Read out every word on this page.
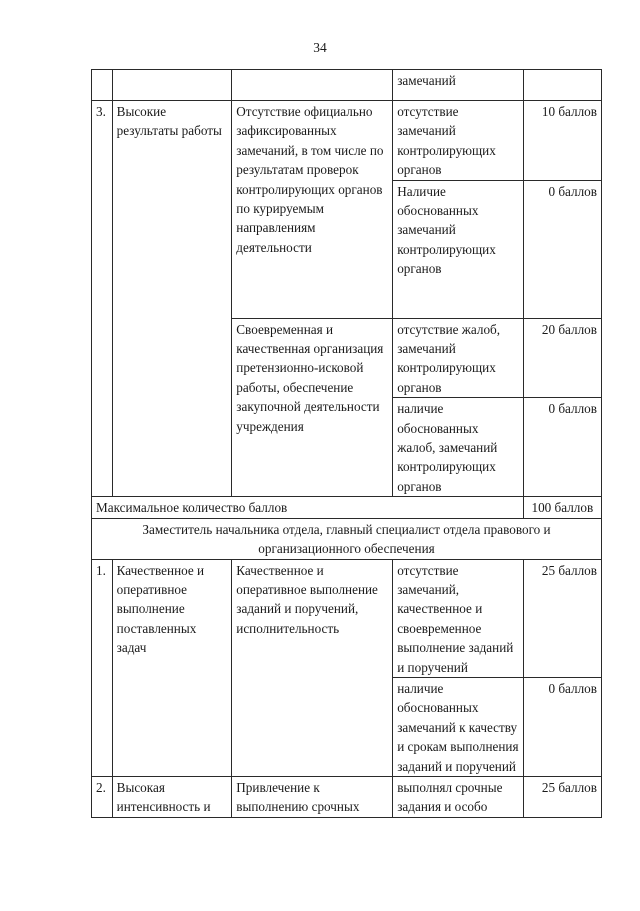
34
			замечаний	
3.	Высокие результаты работы	Отсутствие официально зафиксированных замечаний, в том числе по результатам проверок контролирующих органов по курируемым направлениям деятельности	отсутствие замечаний контролирующих органов	10 баллов
			Наличие обоснованных замечаний контролирующих органов	0 баллов
		Своевременная и качественная организация претензионно-исковой работы, обеспечение закупочной деятельности учреждения	отсутствие жалоб, замечаний контролирующих органов	20 баллов
			наличие обоснованных жалоб, замечаний контролирующих органов	0 баллов
Максимальное количество баллов				100 баллов
Заместитель начальника отдела, главный специалист отдела правового и организационного обеспечения				
1.	Качественное и оперативное выполнение поставленных задач	Качественное и оперативное выполнение заданий и поручений, исполнительность	отсутствие замечаний, качественное и своевременное выполнение заданий и поручений	25 баллов
			наличие обоснованных замечаний к качеству и срокам выполнения заданий и поручений	0 баллов
2.	Высокая интенсивность и	Привлечение к выполнению срочных	выполнял срочные задания и особо	25 баллов
